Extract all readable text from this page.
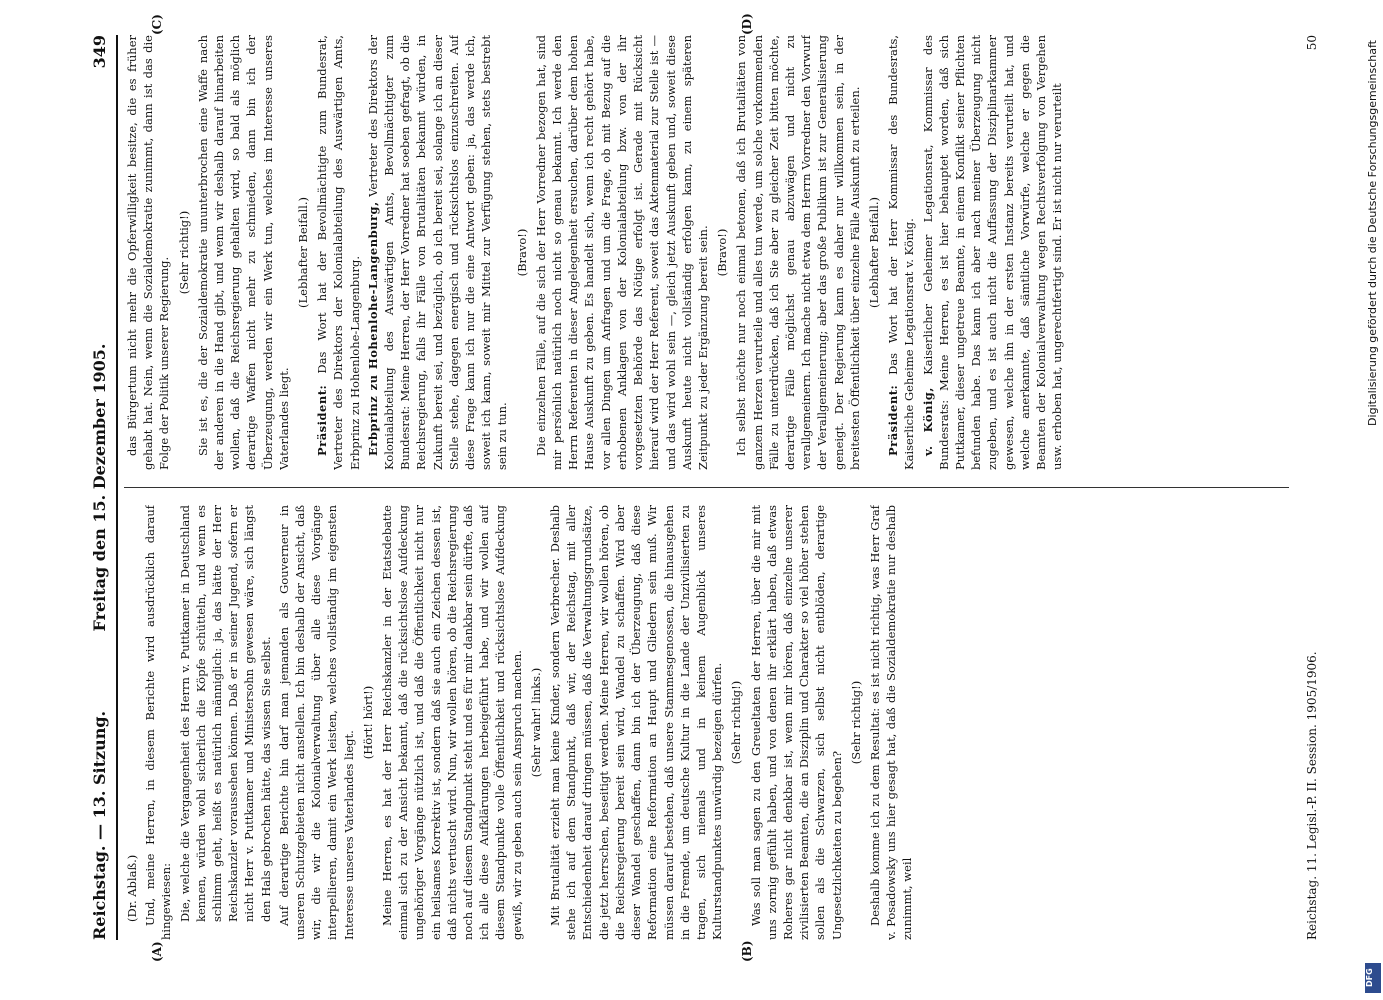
Reichstag. — 13. Sitzung.
Freitag den 15. Dezember 1905.
349
(A)	(B)
(C)	(D)

(Dr. Ablaß.) Und, meine Herren, in diesem Berichte wird ausdrücklich darauf hingewiesen: Die, welche die Vergangenheit des Herrn v. Puttkamer in Deutschland kennen, würden wohl sicherlich die Köpfe schütteln, und wenn es schlimm geht, heißt es natürlich männiglich: ja, das hätte der Herr Reichskanzler voraussehen können. Daß er in seiner Jugend, sofern er nicht Herr v. Puttkamer und Ministersohn gewesen wäre, sich längst den Hals gebrochen hätte, das wissen Sie selbst. Auf derartige Berichte hin darf man jemanden als Gouverneur in unseren Schutzgebieten nicht anstellen. Ich bin deshalb der Ansicht, daß wir, die wir die Kolonialverwaltung über alle diese Vorgänge interpellieren, damit ein Werk leisten, welches vollständig im eigensten Interesse unseres Vaterlandes liegt.

(Hört! hört!) Meine Herren, es hat der Herr Reichskanzler in der Etatsdebatte einmal sich zu der Ansicht bekannt, daß die rücksichtslose Aufdeckung ungehöriger Vorgänge nützlich ist, und daß die Öffentlichkeit nicht nur ein heilsames Korrektiv ist, sondern daß sie auch ein Zeichen dessen ist, daß nichts vertuscht wird. Nun, wir wollen hören, ob die Reichsregierung noch auf diesem Standpunkt steht und es für mir dankbar sein dürfte, daß ich alle diese Aufklärungen herbeigeführt habe, und wir wollen auf diesem Standpunkte volle Öffentlichkeit und rücksichtslose Aufdeckung gewiß, wir zu geben auch sein Anspruch machen. (Sehr wahr! links.) Mit Brutalität erzieht man keine Kinder, sondern Verbrecher. Deshalb stehe ich auf dem Standpunkt, daß wir, der Reichstag, mit aller Entschiedenheit darauf dringen müssen, daß die Verwaltungsgrundsätze, die jetzt herrschen, beseitigt werden. Meine Herren, wir wollen hören, ob die Reichsregierung bereit sein wird, Wandel zu schaffen. Wird aber dieser Wandel geschaffen, dann bin ich der Überzeugung, daß diese Reformation eine Reformation an Haupt und Gliedern sein muß. Wir müssen darauf bestehen, daß unsere Stammesgenossen, die hinausgehen in die Fremde, um deutsche Kultur in die Lande der Unzivilisierten zu tragen, sich niemals und in keinem Augenblick unseres Kulturstandpunktes unwürdig bezeigen dürfen. (Sehr richtig!) Was soll man sagen zu den Greueltaten der Herren, über die mir mit uns zornig gefühlt haben, und von denen ihr erklärt haben, daß etwas Roheres gar nicht denkbar ist, wenn mir hören, daß einzelne unserer zivilisierten Beamten, die an Disziplin und Charakter so viel höher stehen sollen als die Schwarzen, sich selbst nicht entblöden, derartige Ungesetzlichkeiten zu begehen?

(Sehr richtig!) Deshalb komme ich zu dem Resultat: es ist nicht richtig, was Herr Graf v. Posadowsky uns hier gesagt hat, daß die Sozialdemokratie nur deshalb zunimmt, weil

das Bürgertum nicht mehr die Opferwilligkeit besitze, die es früher gehabt hat. Nein, wenn die Sozialdemokratie zunimmt, dann ist das die Folge der Politik unserer Regierung.

(Sehr richtig!) Sie ist es, die der Sozialdemokratie ununterbrochen eine Waffe nach der anderen in die Hand gibt, und wenn wir deshalb darauf hinarbeiten wollen, daß die Reichsregierung gehalten wird, so bald als möglich derartige Waffen nicht mehr zu schmieden, dann bin ich der Überzeugung, werden wir ein Werk tun, welches im Interesse unseres Vaterlandes liegt.

(Lebhafter Beifall.)

Präsident: Das Wort hat der Bevollmächtigte zum Bundesrat, Vertreter des Direktors der Kolonialabteilung des Auswärtigen Amts, Erbprinz zu Hohenlohe-Langenburg. Erbprinz zu Hohenlohe-Langenburg, Vertreter des Direktors der Kolonialabteilung des Auswärtigen Amts, Bevollmächtigter zum Bundesrat: Meine Herren, der Herr Vorredner hat soeben gefragt, ob die Reichsregierung, falls ihr Fälle von Brutalitäten bekannt würden, in Zukunft bereit sei, und bezüglich, ob ich bereit sei, solange ich an dieser Stelle stehe, dagegen energisch und rücksichtslos einzuschreiten. Auf diese Frage kann ich nur die eine Antwort geben: ja, das werde ich, soweit ich kann, soweit mir Mittel zur Verfügung stehen, stets bestrebt sein zu tun.

(Bravo!) Die einzelnen Fälle, auf die sich der Herr Vorredner bezogen hat, sind mir persönlich natürlich noch nicht so genau bekannt. Ich werde den Herrn Referenten in dieser Angelegenheit ersuchen, darüber dem hohen Hause Auskunft zu geben. Es handelt sich, wenn ich recht gehört habe, vor allen Dingen um Anfragen und um die Frage, ob mit Bezug auf die erhobenen Anklagen von der Kolonialabteilung bzw. von der ihr vorgesetzten Behörde das Nötige erfolgt ist. Gerade mit Rücksicht hierauf wird der Herr Referent, soweit das Aktenmaterial zur Stelle ist — und das wird wohl sein —, gleich jetzt Auskunft geben und, soweit diese Auskunft heute nicht vollständig erfolgen kann, zu einem späteren Zeitpunkt zu jeder Ergänzung bereit sein. (Bravo!) Ich selbst möchte nur noch einmal betonen, daß ich Brutalitäten von ganzem Herzen verurteile und alles tun werde, um solche vorkommenden Fälle zu unterdrücken, daß ich Sie aber zu gleicher Zeit bitten möchte, derartige Fälle möglichst genau abzuwägen und nicht zu verallgemeinern. Ich mache nicht etwa dem Herrn Vorredner den Vorwurf der Verallgemeinerung; aber das große Publikum ist zur Generalisierung geneigt. Der Regierung kann es daher nur willkommen sein, in der breitesten Öffentlichkeit über einzelne Fälle Auskunft zu erteilen. (Lebhafter Beifall.)

Präsident: Das Wort hat der Herr Kommissar des Bundesrats, Kaiserliche Geheime Legationsrat v. König. v. König, Kaiserlicher Geheimer Legationsrat, Kommissar des Bundesrats: Meine Herren, es ist hier behauptet worden, daß sich Puttkamer, dieser ungetreue Beamte, in einem Konflikt seiner Pflichten befunden habe. Das kann ich aber nach meiner Überzeugung nicht zugeben, und es ist auch nicht die Auffassung der Disziplinarkammer gewesen, welche ihn in der ersten Instanz bereits verurteilt hat, und welche anerkannte, daß sämtliche Vorwürfe, welche er gegen die Beamten der Kolonialverwaltung wegen Rechtsverfolgung von Vergehen usw. erhoben hat, ungerechtfertigt sind. Er ist nicht nur verurteilt

Reichstag. 11. Legisl.-P. II. Session. 1905/1906.
50	Digitalisierung gefördert durch die Deutsche Forschungsgemeinschaft
DFG
